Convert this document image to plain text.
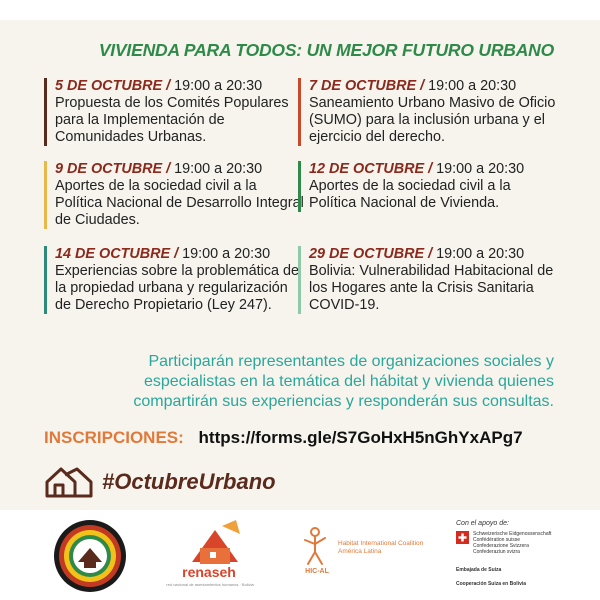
VIVIENDA PARA TODOS: UN MEJOR FUTURO URBANO
5 DE OCTUBRE / 19:00 a 20:30
Propuesta de los Comités Populares para la Implementación de Comunidades Urbanas.
7 DE OCTUBRE / 19:00 a 20:30
Saneamiento Urbano Masivo de Oficio (SUMO) para la inclusión urbana y el ejercicio del derecho.
9 DE OCTUBRE / 19:00 a 20:30
Aportes de la sociedad civil a la Política Nacional de Desarrollo Integral de Ciudades.
12 DE OCTUBRE / 19:00 a 20:30
Aportes de la sociedad civil a la Política Nacional de Vivienda.
14 DE OCTUBRE / 19:00 a 20:30
Experiencias sobre la problemática de la propiedad urbana y regularización de Derecho Propietario (Ley 247).
29 DE OCTUBRE / 19:00 a 20:30
Bolivia: Vulnerabilidad Habitacional de los Hogares ante la Crisis Sanitaria COVID-19.
Participarán representantes de organizaciones sociales y especialistas en la temática del hábitat y vivienda quienes compartirán sus experiencias y responderán sus consultas.
INSCRIPCIONES: https://forms.gle/S7GoHxH5nGhYxAPg7
#OctubreUrbano
renaseh
red nacional de asentamientos humanos · Bolivia
HIC-AL
Habitat International Coalition América Latina
Con el apoyo de:
Schweizerische Eidgenossenschaft
Confédération suisse
Confederazione Svizzera
Confederaziun svizra
Embajada de Suiza
Cooperación Suiza en Bolivia
